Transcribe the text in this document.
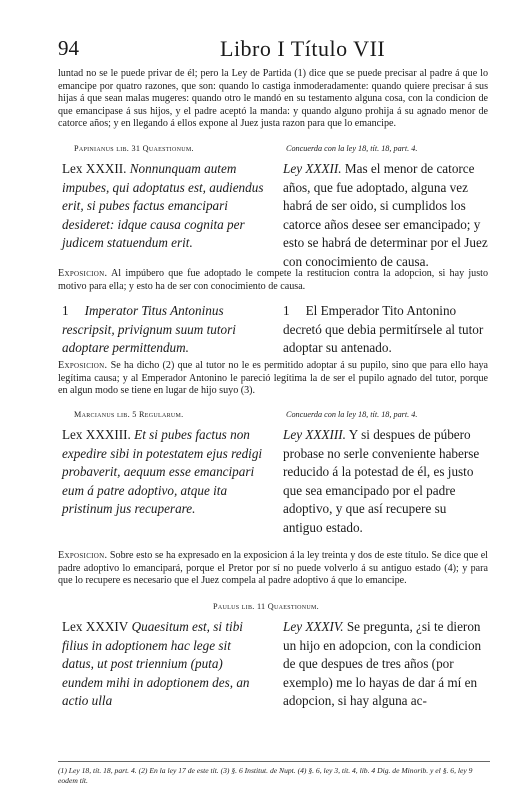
94	Libro I Título VII
luntad no se le puede privar de él; pero la Ley de Partida (1) dice que se puede precisar al padre á que lo emancipe por quatro razones, que son: quando lo castiga inmoderadamente: quando quiere precisar á sus hijas á que sean malas mugeres: quando otro le mandó en su testamento alguna cosa, con la condicion de que emancipase á sus hijos, y el padre aceptó la manda: y quando alguno prohija á su agnado menor de catorce años; y en llegando á ellos expone al Juez justa razon para que lo emancipe.
Papinianus lib. 31 Quaestionum.	Concuerda con la ley 18, tít. 18, part. 4.
Lex XXXII. Nonnunquam autem impubes, qui adoptatus est, audiendus erit, si pubes factus emancipari desideret: idque causa cognita per judicem statuendum erit.
Ley XXXII. Mas el menor de catorce años, que fue adoptado, alguna vez habrá de ser oido, si cumplidos los catorce años desee ser emancipado; y esto se habrá de determinar por el Juez con conocimiento de causa.
Exposicion. Al impúbero que fue adoptado le compete la restitucion contra la adopcion, si hay justo motivo para ella; y esto ha de ser con conocimiento de causa.
1 Imperator Titus Antoninus rescripsit, privignum suum tutori adoptare permittendum.
1 El Emperador Tito Antonino decretó que debia permitírsele al tutor adoptar su antenado.
Exposicion. Se ha dicho (2) que al tutor no le es permitido adoptar á su pupilo, sino que para ello haya legítima causa; y al Emperador Antonino le pareció legítima la de ser el pupilo agnado del tutor, porque en algun modo se tiene en lugar de hijo suyo (3).
Marcianus lib. 5 Regularum.	Concuerda con la ley 18, tít. 18, part. 4.
Lex XXXIII. Et si pubes factus non expedire sibi in potestatem ejus redigi probaverit, aequum esse emancipari eum á patre adoptivo, atque ita pristinum jus recuperare.
Ley XXXIII. Y si despues de púbero probase no serle conveniente haberse reducido á la potestad de él, es justo que sea emancipado por el padre adoptivo, y que así recupere su antiguo estado.
Exposicion. Sobre esto se ha expresado en la exposicion á la ley treinta y dos de este título. Se dice que el padre adoptivo lo emancipará, porque el Pretor por sí no puede volverlo á su antiguo estado (4); y para que lo recupere es necesario que el Juez compela al padre adoptivo á que lo emancipe.
Paulus lib. 11 Quaestionum.
Lex XXXIV Quaesitum est, si tibi filius in adoptionem hac lege sit datus, ut post triennium (puta) eundem mihi in adoptionem des, an actio ulla
Ley XXXIV. Se pregunta, ¿si te dieron un hijo en adopcion, con la condicion de que despues de tres años (por exemplo) me lo hayas de dar á mí en adopcion, si hay alguna ac-
(1) Ley 18, tít. 18, part. 4. (2) En la ley 17 de este tít. (3) §. 6 Institut. de Nupt. (4) §. 6, ley 3, tít. 4, lib. 4 Dig. de Minorib. y el §. 6, ley 9 eodem tít.
